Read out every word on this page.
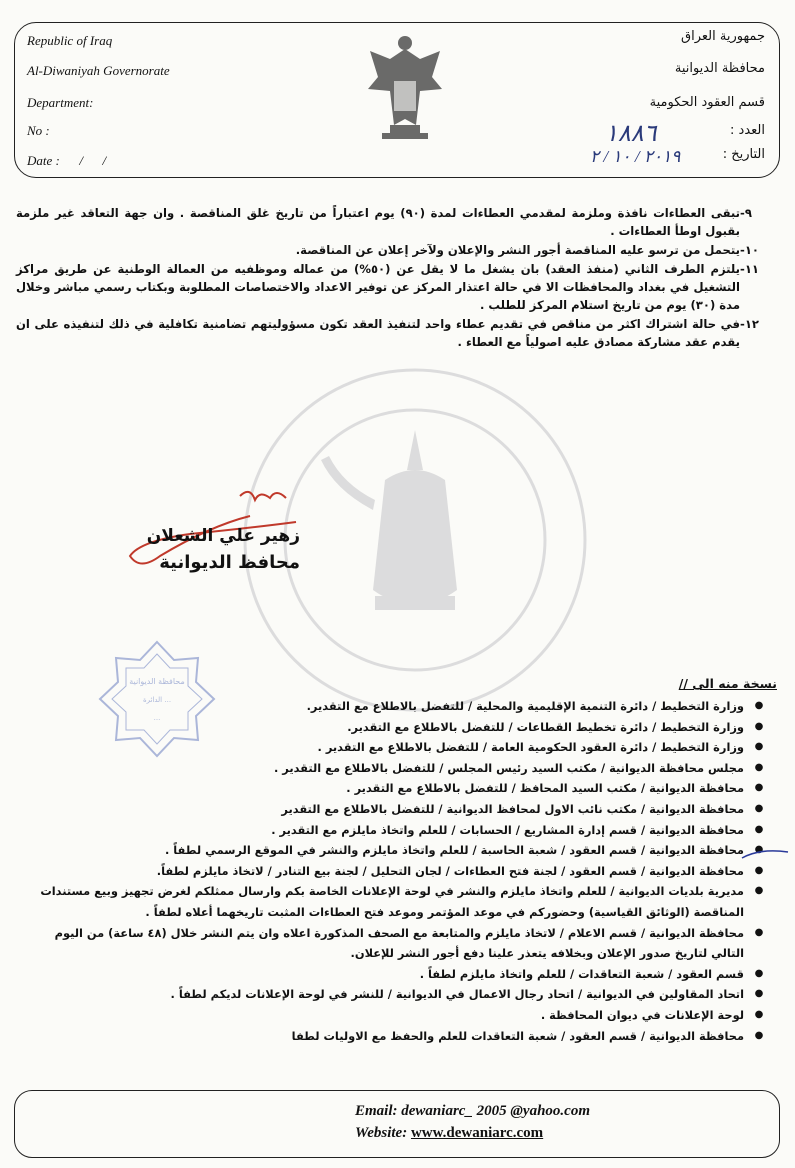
Republic of Iraq
Al-Diwaniyah Governorate
Department:
No :
Date :      /      /
جمهورية العراق
محافظة الديوانية
قسم العقود الحكومية
العدد :
التاريخ :
١٨٨٦
٢٠١٩ / ١٠ / ٢
٩-
تبقى العطاءات نافذة وملزمة لمقدمي العطاءات لمدة (٩٠) يوم اعتباراً من تاريخ غلق المناقصة . وان جهة التعاقد غير ملزمة بقبول اوطأ العطاءات .
١٠-
يتحمل من ترسو عليه المناقصة أجور النشر والإعلان ولآخر إعلان عن المناقصة.
١١-
يلتزم الطرف الثاني (منفذ العقد) بان يشغل ما لا يقل عن (٥٠%) من عماله وموظفيه من العمالة الوطنية عن طريق مراكز التشغيل في بغداد والمحافظات الا في حالة اعتذار المركز عن توفير الاعداد والاختصاصات المطلوبة وبكتاب رسمي مباشر وخلال مدة (٣٠) يوم من تاريخ استلام المركز للطلب .
١٢-
في حالة اشتراك اكثر من مناقص في تقديم عطاء واحد لتنفيذ العقد تكون مسؤوليتهم تضامنية تكافلية في ذلك لتنفيذه على ان يقدم عقد مشاركة مصادق عليه اصولياً مع العطاء .
زهير علي الشعلان
محافظ الديوانية
محافظة الديوانية
الدائرة ...
...
نسخة منه الى //
●
وزارة التخطيط / دائرة التنمية الإقليمية والمحلية / للتفضل بالاطلاع مع التقدير.
●
وزارة التخطيط / دائرة تخطيط القطاعات / للتفضل بالاطلاع مع التقدير.
●
وزارة التخطيط / دائرة العقود الحكومية العامة / للتفضل بالاطلاع مع التقدير .
●
مجلس محافظة الديوانية / مكتب السيد رئيس المجلس / للتفضل بالاطلاع مع التقدير .
●
محافظة الديوانية / مكتب السيد المحافظ / للتفضل بالاطلاع مع التقدير .
●
محافظة الديوانية / مكتب نائب الاول لمحافظ الديوانية / للتفضل بالاطلاع مع التقدير
●
محافظة الديوانية / قسم إدارة المشاريع / الحسابات / للعلم واتخاذ مايلزم مع التقدير .
●
محافظة الديوانية / قسم العقود / شعبة الحاسبة / للعلم واتخاذ مايلزم والنشر في الموقع الرسمي لطفاً .
●
محافظة الديوانية / قسم العقود / لجنة فتح العطاءات / لجان التحليل / لجنة بيع التنادر / لاتخاذ مايلزم لطفاً.
●
مديرية بلديات الديوانية / للعلم واتخاذ مايلزم والنشر في لوحة الإعلانات الخاصة بكم وارسال ممثلكم لغرض تجهيز وبيع مستندات المناقصة (الوثائق القياسية) وحضوركم في موعد المؤتمر وموعد فتح العطاءات المثبت تاريخهما أعلاه لطفاً .
●
محافظة الديوانية / قسم الاعلام / لاتخاذ مايلزم والمتابعة مع الصحف المذكورة اعلاه وان يتم النشر خلال (٤٨ ساعة) من اليوم التالي لتاريخ صدور الإعلان وبخلافه يتعذر علينا دفع أجور النشر للإعلان.
●
قسم العقود / شعبة التعاقدات / للعلم واتخاذ مايلزم لطفاً .
●
اتحاد المقاولين في الديوانية / اتحاد رجال الاعمال في الديوانية / للنشر في لوحة الإعلانات لديكم لطفاً .
●
لوحة الإعلانات في ديوان المحافظة .
●
محافظة الديوانية / قسم العقود / شعبة التعاقدات للعلم والحفظ مع الاوليات لطفا
Email: dewaniarc_ 2005 @yahoo.com
Website: www.dewaniarc.com
